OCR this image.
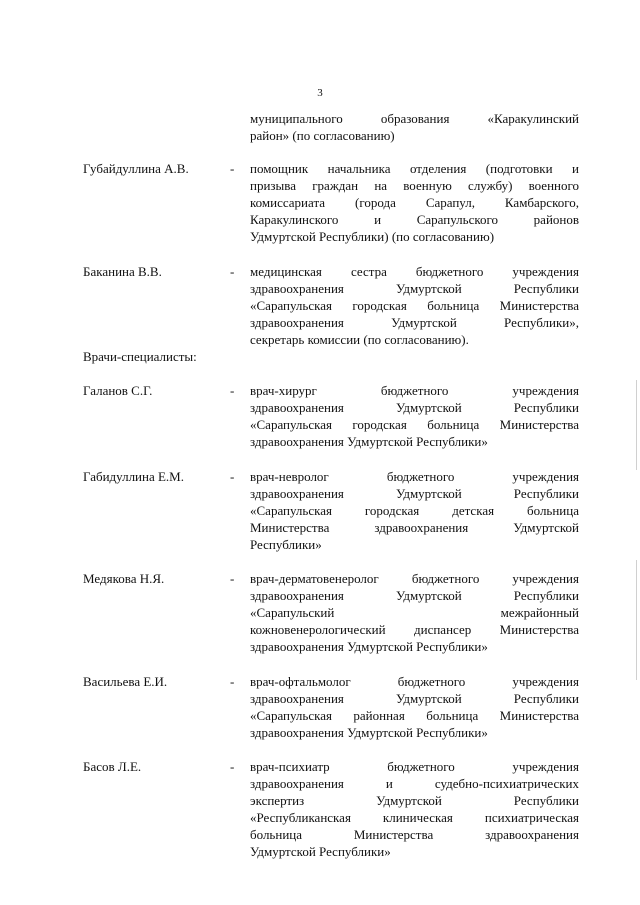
3
муниципального образования «Каракулинский
район» (по согласованию)
Губайдуллина А.В.	- помощник начальника отделения (подготовки и
призыва граждан на военную службу) военного
комиссариата (города Сарапул, Камбарского,
Каракулинского и Сарапульского районов
Удмуртской Республики) (по согласованию)
Баканина В.В.	- медицинская сестра бюджетного учреждения
здравоохранения Удмуртской Республики
«Сарапульская городская больница Министерства
здравоохранения Удмуртской Республики»,
секретарь комиссии (по согласованию).
Врачи-специалисты:
Галанов С.Г.	- врач-хирург бюджетного учреждения
здравоохранения Удмуртской Республики
«Сарапульская городская больница Министерства
здравоохранения Удмуртской Республики»
Габидуллина Е.М.	- врач-невролог бюджетного учреждения
здравоохранения Удмуртской Республики
«Сарапульская городская детская больница
Министерства здравоохранения Удмуртской
Республики»
Медякова Н.Я.	- врач-дерматовенеролог бюджетного учреждения
здравоохранения Удмуртской Республики
«Сарапульский межрайонный
кожновенерологический диспансер Министерства
здравоохранения Удмуртской Республики»
Васильева Е.И.	- врач-офтальмолог бюджетного учреждения
здравоохранения Удмуртской Республики
«Сарапульская районная больница Министерства
здравоохранения Удмуртской Республики»
Басов Л.Е.	- врач-психиатр бюджетного учреждения
здравоохранения и судебно-психиатрических
экспертиз Удмуртской Республики
«Республиканская клиническая психиатрическая
больница Министерства здравоохранения
Удмуртской Республики»
